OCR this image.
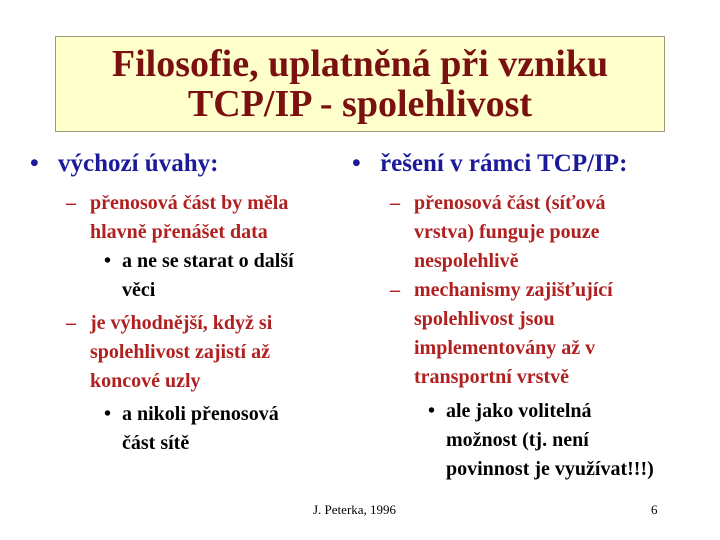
Filosofie, uplatněná při vzniku
TCP/IP - spolehlivost
• výchozí úvahy:
– přenosová část by měla
hlavně přenášet data
• a ne se starat o další
věci
– je výhodnější, když si
spolehlivost zajistí až
koncové uzly
• a nikoli přenosová
část sítě
• řešení v rámci TCP/IP:
– přenosová část (síťová
vrstva) funguje pouze
nespolehlivě
– mechanismy zajišťující
spolehlivost jsou
implementovány až v
transportní vrstvě
• ale jako volitelná
možnost (tj. není
povinnost je využívat!!!)
J. Peterka, 1996	6
